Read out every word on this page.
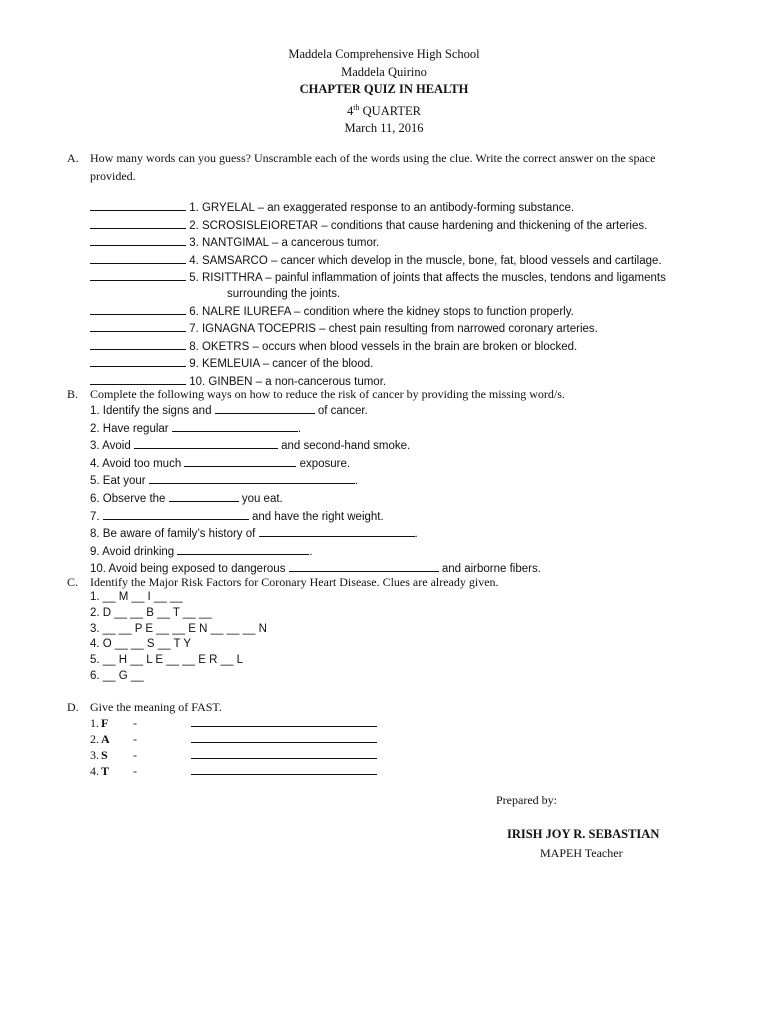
Maddela Comprehensive High School
Maddela Quirino
CHAPTER QUIZ IN HEALTH
4th QUARTER
March 11, 2016
A. How many words can you guess? Unscramble each of the words using the clue. Write the correct answer on the space
provided.
1. GRYELAL – an exaggerated response to an antibody-forming substance.
2. SCROSISLEIORETAR – conditions that cause hardening and thickening of the arteries.
3. NANTGIMAL – a cancerous tumor.
4. SAMSARCO – cancer which develop in the muscle, bone, fat, blood vessels and cartilage.
5. RISITTHRA – painful inflammation of joints that affects the muscles, tendons and ligaments
surrounding the joints.
6. NALRE ILUREFA – condition where the kidney stops to function properly.
7. IGNAGNA TOCEPRIS – chest pain resulting from narrowed coronary arteries.
8. OKETRS – occurs when blood vessels in the brain are broken or blocked.
9. KEMLEUIA – cancer of the blood.
10. GINBEN – a non-cancerous tumor.
B. Complete the following ways on how to reduce the risk of cancer by providing the missing word/s.
1. Identify the signs and	of cancer.
2. Have regular	.
3. Avoid	and second-hand smoke.
4. Avoid too much	exposure.
5. Eat your	.
6. Observe the	you eat.
7.	and have the right weight.
8. Be aware of family’s history of	.
9. Avoid drinking	.
10. Avoid being exposed to dangerous	and airborne fibers.
C. Identify the Major Risk Factors for Coronary Heart Disease. Clues are already given.
1. __ M __ I __ __
2. D __ __ B __ T __ __
3. __ __ P E __ __ E N __ __ __ N
4. O __ __ S __ T Y
5. __ H __ L E __ __ E R __ L
6. __ G __
D. Give the meaning of FAST.
1. F -
2. A -
3. S -
4. T -
Prepared by:
IRISH JOY R. SEBASTIAN
MAPEH Teacher
